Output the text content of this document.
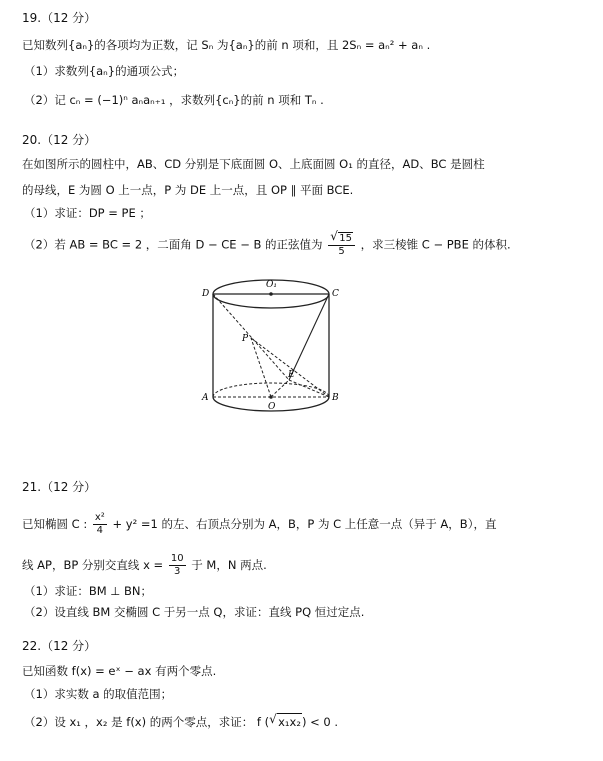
19.（12 分）
已知数列{aₙ}的各项均为正数，记 Sₙ 为{aₙ}的前 n 项和，且 2Sₙ = aₙ² + aₙ .
（1）求数列{aₙ}的通项公式；
（2）记 cₙ = (−1)ⁿ aₙaₙ₊₁ ，求数列{cₙ}的前 n 项和 Tₙ .
20.（12 分）
在如图所示的圆柱中，AB、CD 分别是下底面圆 O、上底面圆 O₁ 的直径，AD、BC 是圆柱
的母线，E 为圆 O 上一点，P 为 DE 上一点，且 OP ∥ 平面 BCE.
（1）求证：DP = PE ；
（2）若 AB = BC = 2 ，二面角 D − CE − B 的正弦值为 √ $\frac{15}{5}$ ，求三棱锥 C − PBE 的体积.
D
O₁
C
P
E
A
O
B
21.（12 分）
已知椭圆 C : $\frac{\text{x²}}{4} + y^2 =1$ 的左、右顶点分别为 A，B，P 为 C 上任意一点（异于 A，B），直
线 AP，BP 分别交直线 $x = \frac{10}{3}$ 于 M，N 两点.
（1）求证：BM ⊥ BN；
（2）设直线 BM 交椭圆 C 于另一点 Q，求证：直线 PQ 恒过定点.
22.（12 分）
已知函数 f(x) = eˣ − ax 有两个零点.
（1）求实数 a 的取值范围；
（2）设 x₁ ，x₂ 是 f(x) 的两个零点，求证： f ( √ x₁x₂) < 0 .
